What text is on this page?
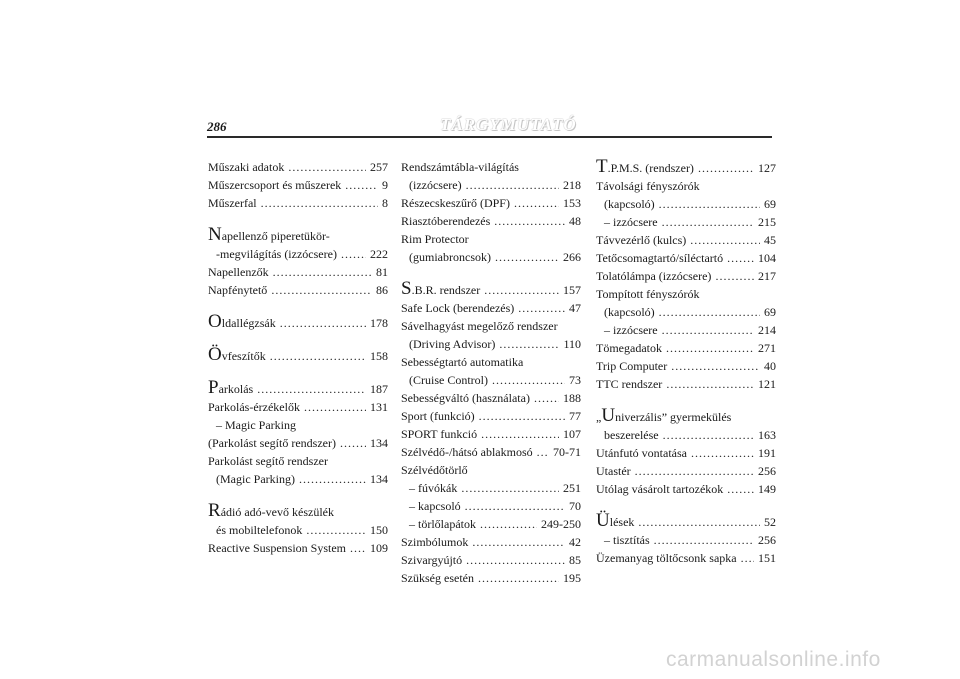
286	TÁRGYMUTATÓ
Műszaki adatok . . .	257
Műszercsoport és műszerek . . .	9
Műszerfal . . .	8
Napellenző piperetükör-
-megvilágítás (izzócsere) . . .	222
Napellenzők . . .	81
Napfénytető . . .	86
Oldallégzsák . . .	178
Övfeszítők . . .	158
Parkolás . . .	187
Parkolás-érzékelők . . .	131
– Magic Parking
(Parkolást segítő rendszer) . . .	134
Parkolást segítő rendszer
(Magic Parking) . . .	134
Rádió adó-vevő készülék
és mobiltelefonok . . .	150
Reactive Suspension System . . . 109
Rendszámtábla-világítás
(izzócsere) . . .	218
Részecskeszűrő (DPF) . . .	153
Riasztóberendezés . . .	48
Rim Protector
(gumiabroncsok) . . .	266
S.B.R. rendszer . . .	157
Safe Lock (berendezés) . . .	47
Sávelhagyást megelőző rendszer
(Driving Advisor) . . .	110
Sebességtartó automatika
(Cruise Control) . . .	73
Sebességváltó (használata) . . .	188
Sport (funkció) . . .	77
SPORT funkció . . .	107
Szélvédő-/hátsó ablakmosó . . . 70-71
Szélvédőtörlő
– fúvókák . . .	251
– kapcsoló . . .	70
– törlőlapátok . . .	249-250
Szimbólumok . . .	42
Szivargyújtó . . .	85
Szükség esetén . . .	195
T.P.M.S. (rendszer) . . .	127
Távolsági fényszórók
(kapcsoló) . . .	69
– izzócsere . . .	215
Távvezérlő (kulcs) . . .	45
Tetőcsomagtartó/síléctartó . . .	104
Tolatólámpa (izzócsere) . . .	217
Tompított fényszórók
(kapcsoló) . . .	69
– izzócsere . . .	214
Tömegadatok . . .	271
Trip Computer . . .	40
TTC rendszer . . .	121
„Univerzális” gyermekülés
beszerelése . . .	163
Utánfutó vontatása . . .	191
Utastér . . .	256
Utólag vásárolt tartozékok . . .	149
Ülések . . .	52
– tisztítás . . .	256
Üzemanyag töltőcsonk sapka . . . 151
carmanualsonline.info
